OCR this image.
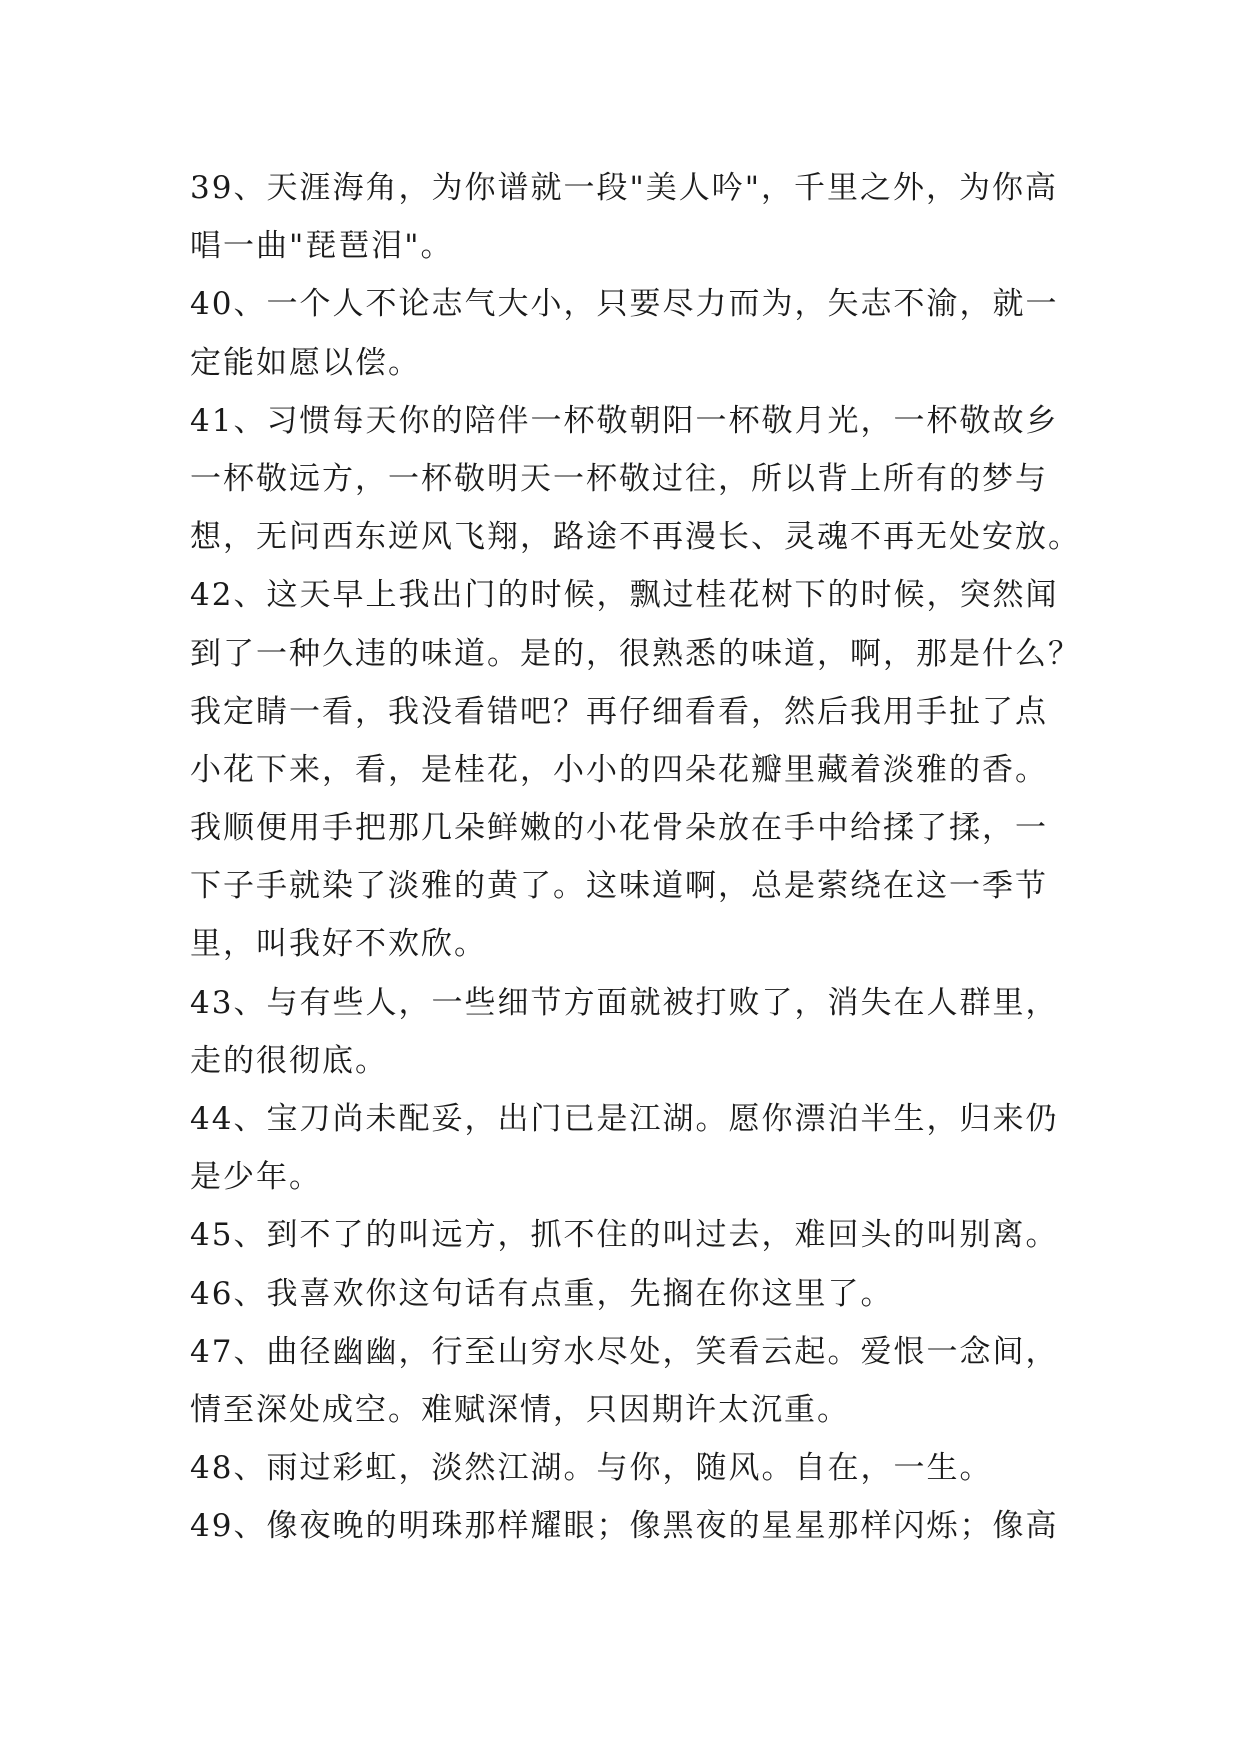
39、天涯海角，为你谱就一段"美人吟"，千里之外，为你高
唱一曲"琵琶泪"。
40、一个人不论志气大小，只要尽力而为，矢志不渝，就一
定能如愿以偿。
41、习惯每天你的陪伴一杯敬朝阳一杯敬月光，一杯敬故乡
一杯敬远方，一杯敬明天一杯敬过往，所以背上所有的梦与
想，无问西东逆风飞翔，路途不再漫长、灵魂不再无处安放。
42、这天早上我出门的时候，飘过桂花树下的时候，突然闻
到了一种久违的味道。是的，很熟悉的味道，啊，那是什么？
我定睛一看，我没看错吧？再仔细看看，然后我用手扯了点
小花下来，看，是桂花，小小的四朵花瓣里藏着淡雅的香。
我顺便用手把那几朵鲜嫩的小花骨朵放在手中给揉了揉，一
下子手就染了淡雅的黄了。这味道啊，总是萦绕在这一季节
里，叫我好不欢欣。
43、与有些人，一些细节方面就被打败了，消失在人群里，
走的很彻底。
44、宝刀尚未配妥，出门已是江湖。愿你漂泊半生，归来仍
是少年。
45、到不了的叫远方，抓不住的叫过去，难回头的叫别离。
46、我喜欢你这句话有点重，先搁在你这里了。
47、曲径幽幽，行至山穷水尽处，笑看云起。爱恨一念间，
情至深处成空。难赋深情，只因期许太沉重。
48、雨过彩虹，淡然江湖。与你，随风。自在，一生。
49、像夜晚的明珠那样耀眼；像黑夜的星星那样闪烁；像高
